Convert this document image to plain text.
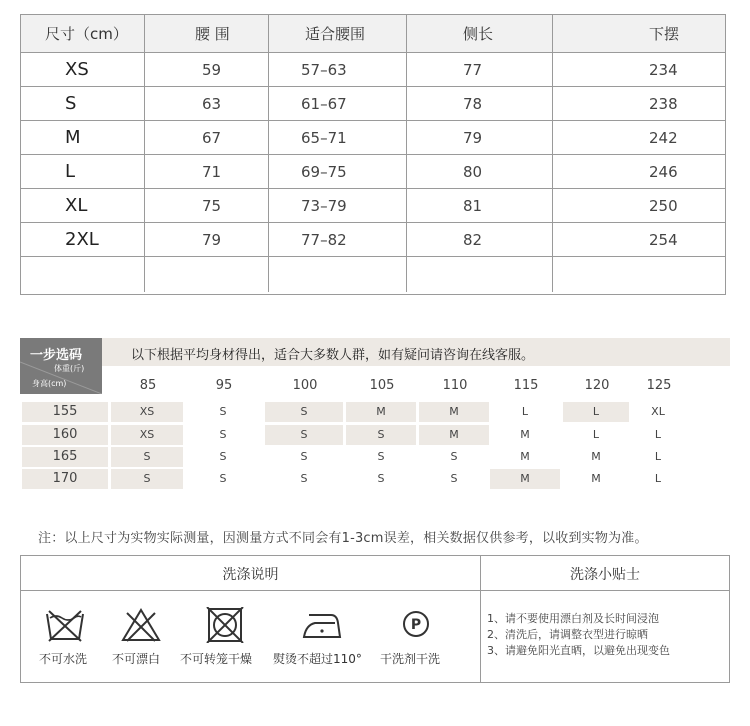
尺寸（cm）	腰 围	适合腰围	侧长	下摆
XS	59	57–63	77	234
S	63	61–67	78	238
M	67	65–71	79	242
L	71	69–75	80	246
XL	75	73–79	81	250
2XL	79	77–82	82	254
一步选码
体重(斤)
身高(cm)
以下根据平均身材得出，适合大多数人群，如有疑问请咨询在线客服。
85	95	100	105	110	115	120	125
155	XS	S	S	M	M	L	L	XL
160	XS	S	S	S	M	M	L	L
165	S	S	S	S	S	M	M	L
170	S	S	S	S	S	M	M	L
注：以上尺寸为实物实际测量，因测量方式不同会有1-3cm误差，相关数据仅供参考，以收到实物为准。
洗涤说明	洗涤小贴士
P
不可水洗 不可漂白 不可转笼干燥 熨烫不超过110° 干洗剂干洗
1、请不要使用漂白剂及长时间浸泡
2、清洗后，请调整衣型进行晾晒
3、请避免阳光直晒，以避免出现变色
